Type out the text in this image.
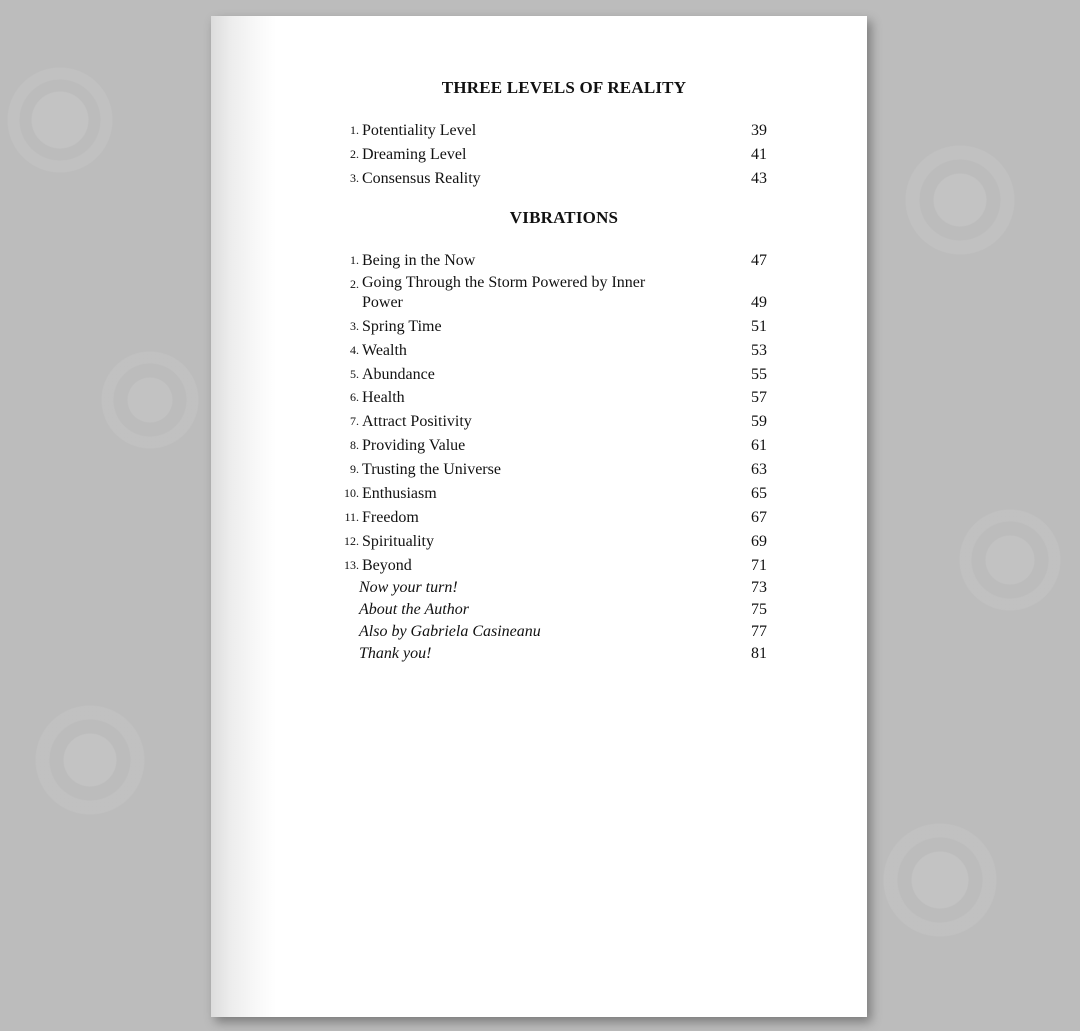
THREE LEVELS OF REALITY
1. Potentiality Level	39
2. Dreaming Level	41
3. Consensus Reality	43
VIBRATIONS
1. Being in the Now	47
2. Going Through the Storm Powered by Inner Power	49
3. Spring Time	51
4. Wealth	53
5. Abundance	55
6. Health	57
7. Attract Positivity	59
8. Providing Value	61
9. Trusting the Universe	63
10. Enthusiasm	65
11. Freedom	67
12. Spirituality	69
13. Beyond	71
Now your turn!	73
About the Author	75
Also by Gabriela Casineanu	77
Thank you!	81
